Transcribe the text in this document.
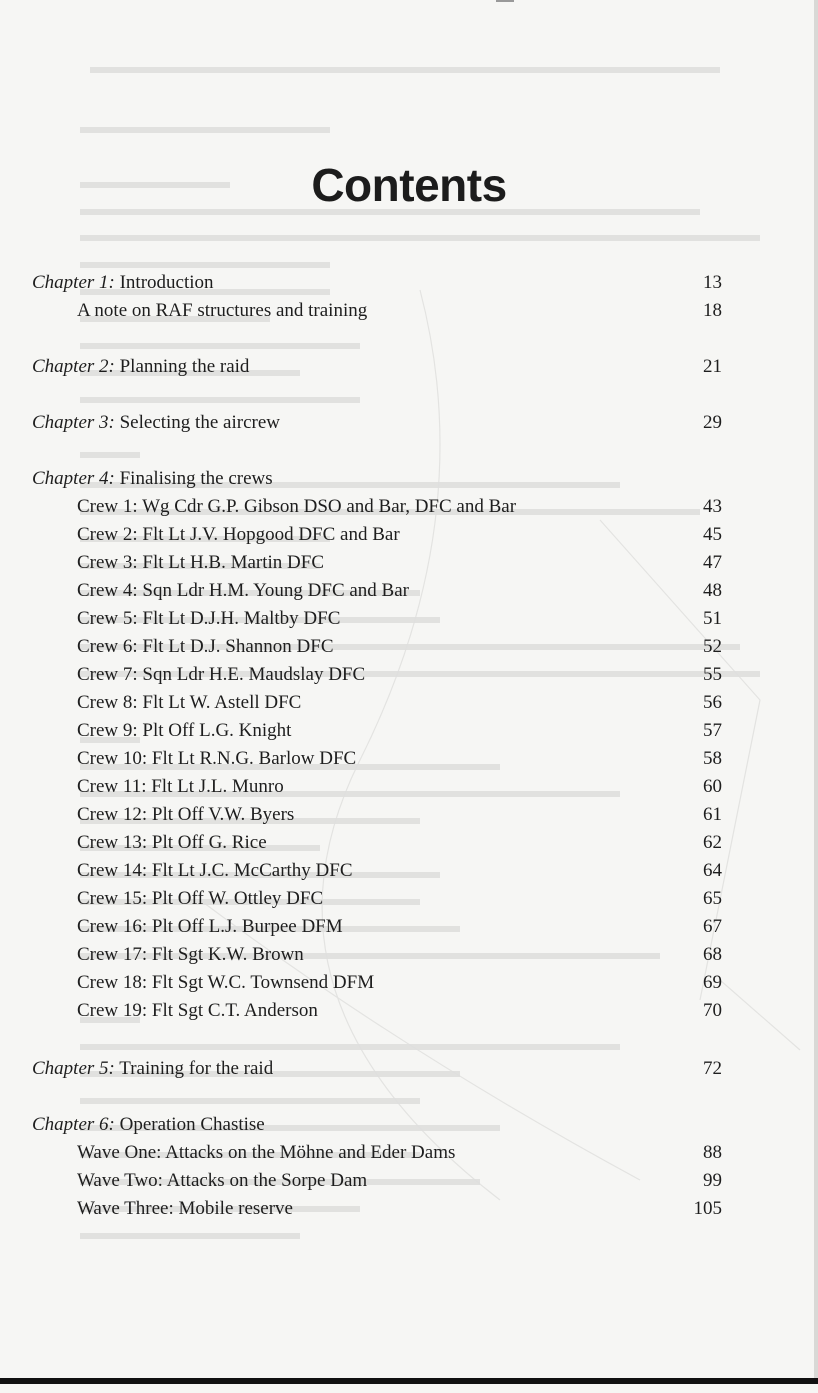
Contents
Chapter 1: Introduction	13
A note on RAF structures and training	18
Chapter 2: Planning the raid	21
Chapter 3: Selecting the aircrew	29
Chapter 4: Finalising the crews
Crew 1: Wg Cdr G.P. Gibson DSO and Bar, DFC and Bar	43
Crew 2: Flt Lt J.V. Hopgood DFC and Bar	45
Crew 3: Flt Lt H.B. Martin DFC	47
Crew 4: Sqn Ldr H.M. Young DFC and Bar	48
Crew 5: Flt Lt D.J.H. Maltby DFC	51
Crew 6: Flt Lt D.J. Shannon DFC	52
Crew 7: Sqn Ldr H.E. Maudslay DFC	55
Crew 8: Flt Lt W. Astell DFC	56
Crew 9: Plt Off L.G. Knight	57
Crew 10: Flt Lt R.N.G. Barlow DFC	58
Crew 11: Flt Lt J.L. Munro	60
Crew 12: Plt Off V.W. Byers	61
Crew 13: Plt Off G. Rice	62
Crew 14: Flt Lt J.C. McCarthy DFC	64
Crew 15: Plt Off W. Ottley DFC	65
Crew 16: Plt Off L.J. Burpee DFM	67
Crew 17: Flt Sgt K.W. Brown	68
Crew 18: Flt Sgt W.C. Townsend DFM	69
Crew 19: Flt Sgt C.T. Anderson	70
Chapter 5: Training for the raid	72
Chapter 6: Operation Chastise
Wave One: Attacks on the Möhne and Eder Dams	88
Wave Two: Attacks on the Sorpe Dam	99
Wave Three: Mobile reserve	105
